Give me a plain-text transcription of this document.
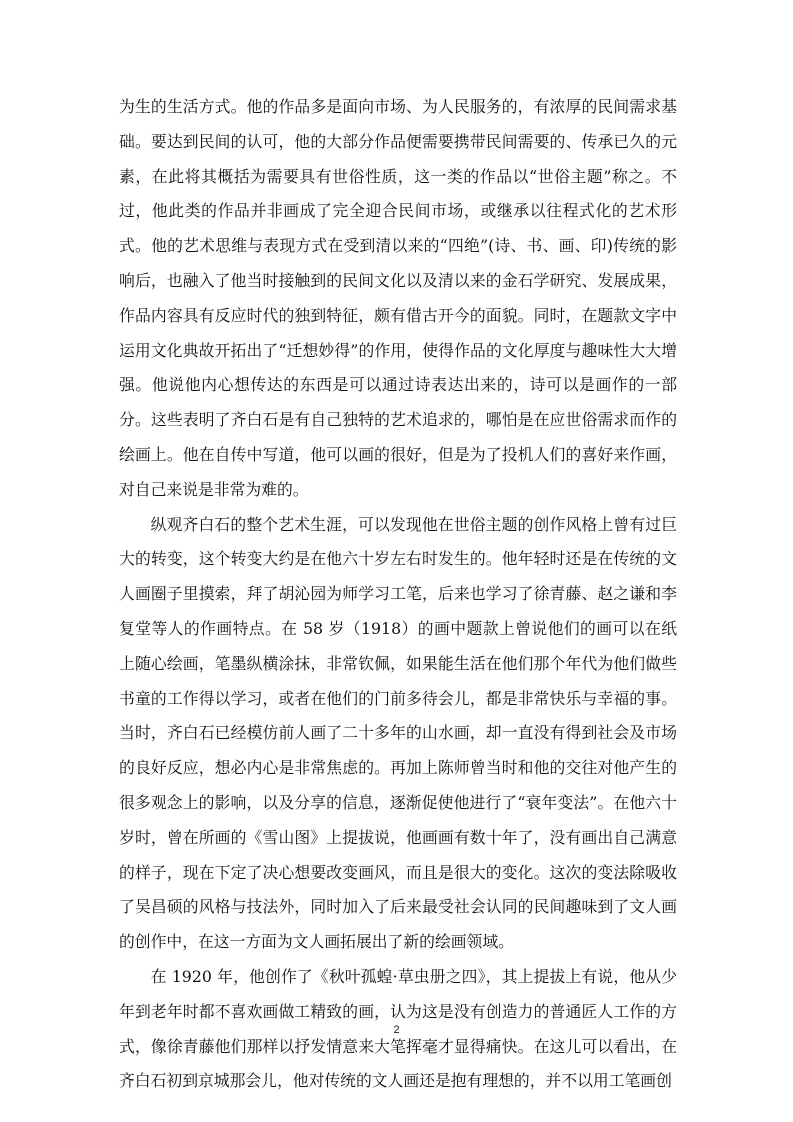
为生的生活方式。他的作品多是面向市场、为人民服务的，有浓厚的民间需求基础。要达到民间的认可，他的大部分作品便需要携带民间需要的、传承已久的元素，在此将其概括为需要具有世俗性质，这一类的作品以“世俗主题”称之。不过，他此类的作品并非画成了完全迎合民间市场，或继承以往程式化的艺术形式。他的艺术思维与表现方式在受到清以来的“四绝”(诗、书、画、印)传统的影响后，也融入了他当时接触到的民间文化以及清以来的金石学研究、发展成果，作品内容具有反应时代的独到特征，颇有借古开今的面貌。同时，在题款文字中运用文化典故开拓出了“迁想妙得”的作用，使得作品的文化厚度与趣味性大大增强。他说他内心想传达的东西是可以通过诗表达出来的，诗可以是画作的一部分。这些表明了齐白石是有自己独特的艺术追求的，哪怕是在应世俗需求而作的绘画上。他在自传中写道，他可以画的很好，但是为了投机人们的喜好来作画，对自己来说是非常为难的。

纵观齐白石的整个艺术生涯，可以发现他在世俗主题的创作风格上曾有过巨大的转变，这个转变大约是在他六十岁左右时发生的。他年轻时还是在传统的文人画圈子里摸索，拜了胡沁园为师学习工笔，后来也学习了徐青藤、赵之谦和李复堂等人的作画特点。在 58 岁（1918）的画中题款上曾说他们的画可以在纸上随心绘画，笔墨纵横涂抹，非常钦佩，如果能生活在他们那个年代为他们做些书童的工作得以学习，或者在他们的门前多待会儿，都是非常快乐与幸福的事。当时，齐白石已经模仿前人画了二十多年的山水画，却一直没有得到社会及市场的良好反应，想必内心是非常焦虑的。再加上陈师曾当时和他的交往对他产生的很多观念上的影响，以及分享的信息，逐渐促使他进行了“衰年变法”。在他六十岁时，曾在所画的《雪山图》上提拔说，他画画有数十年了，没有画出自己满意的样子，现在下定了决心想要改变画风，而且是很大的变化。这次的变法除吸收了吴昌硕的风格与技法外，同时加入了后来最受社会认同的民间趣味到了文人画的创作中，在这一方面为文人画拓展出了新的绘画领域。

在 1920 年，他创作了《秋叶孤蝗·草虫册之四》，其上提拔上有说，他从少年到老年时都不喜欢画做工精致的画，认为这是没有创造力的普通匠人工作的方式，像徐青藤他们那样以抒发情意来大笔挥毫才显得痛快。在这儿可以看出，在齐白石初到京城那会儿，他对传统的文人画还是抱有理想的，并不以用工笔画创

2
